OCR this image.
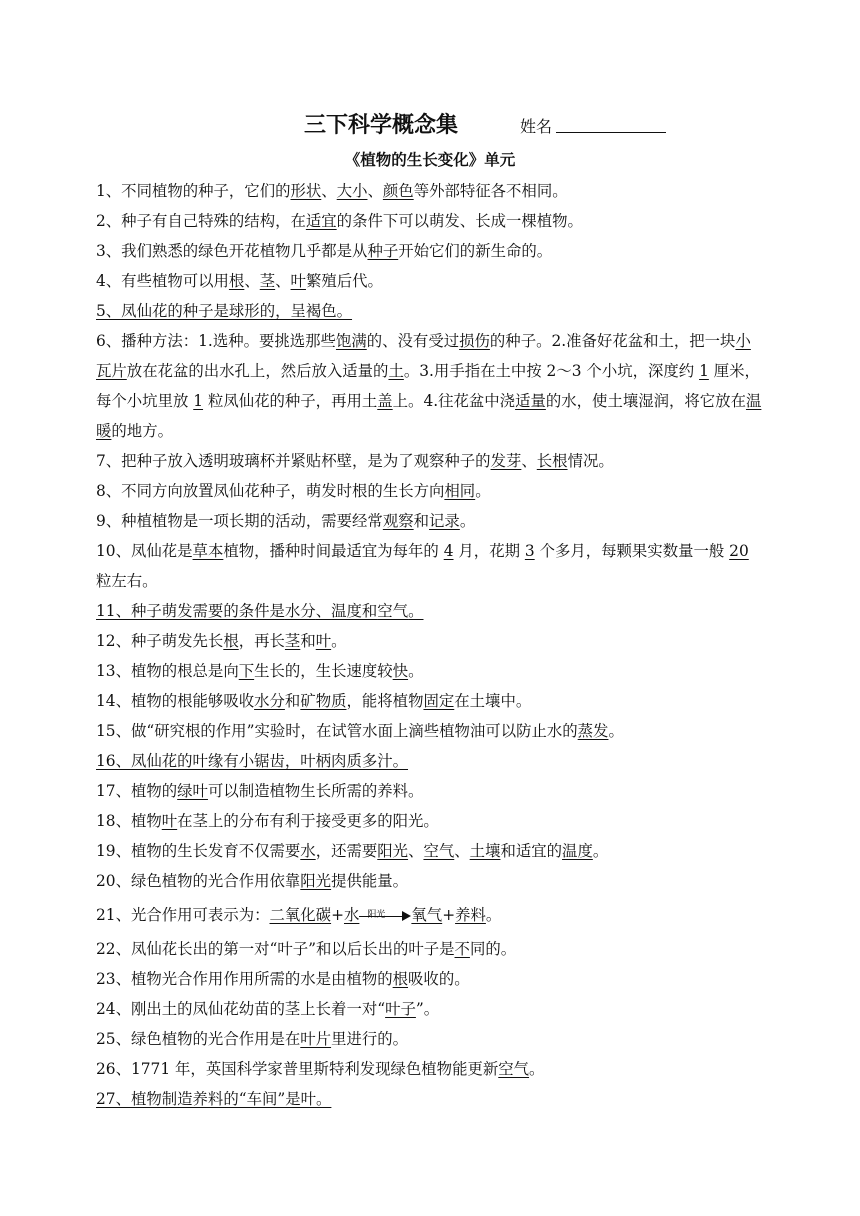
三下科学概念集	姓名
《植物的生长变化》单元

1、不同植物的种子，它们的形状、大小、颜色等外部特征各不相同。

2、种子有自己特殊的结构，在适宜的条件下可以萌发、长成一棵植物。

3、我们熟悉的绿色开花植物几乎都是从种子开始它们的新生命的。

4、有些植物可以用根、茎、叶繁殖后代。

5、凤仙花的种子是球形的，呈褐色。

6、播种方法：1.选种。要挑选那些饱满的、没有受过损伤的种子。2.准备好花盆和土，把一块小瓦片放在花盆的出水孔上，然后放入适量的土。3.用手指在土中按 2～3 个小坑，深度约 1 厘米，每个小坑里放 1 粒凤仙花的种子，再用土盖上。4.往花盆中浇适量的水，使土壤湿润，将它放在温暖的地方。

7、把种子放入透明玻璃杯并紧贴杯壁，是为了观察种子的发芽、长根情况。

8、不同方向放置凤仙花种子，萌发时根的生长方向相同。

9、种植植物是一项长期的活动，需要经常观察和记录。

10、凤仙花是草本植物，播种时间最适宜为每年的 4 月，花期 3 个多月，每颗果实数量一般 20 粒左右。

11、种子萌发需要的条件是水分、温度和空气。

12、种子萌发先长根，再长茎和叶。

13、植物的根总是向下生长的，生长速度较快。

14、植物的根能够吸收水分和矿物质，能将植物固定在土壤中。

15、做“研究根的作用”实验时，在试管水面上滴些植物油可以防止水的蒸发。

16、凤仙花的叶缘有小锯齿，叶柄肉质多汁。

17、植物的绿叶可以制造植物生长所需的养料。

18、植物叶在茎上的分布有利于接受更多的阳光。

19、植物的生长发育不仅需要水，还需要阳光、空气、土壤和适宜的温度。

20、绿色植物的光合作用依靠阳光提供能量。

21、光合作用可表示为：二氧化碳+水 阳光 氧气+养料。

22、凤仙花长出的第一对“叶子”和以后长出的叶子是不同的。

23、植物光合作用作用所需的水是由植物的根吸收的。

24、刚出土的凤仙花幼苗的茎上长着一对“叶子”。

25、绿色植物的光合作用是在叶片里进行的。

26、1771 年，英国科学家普里斯特利发现绿色植物能更新空气。

27、植物制造养料的“车间”是叶。
